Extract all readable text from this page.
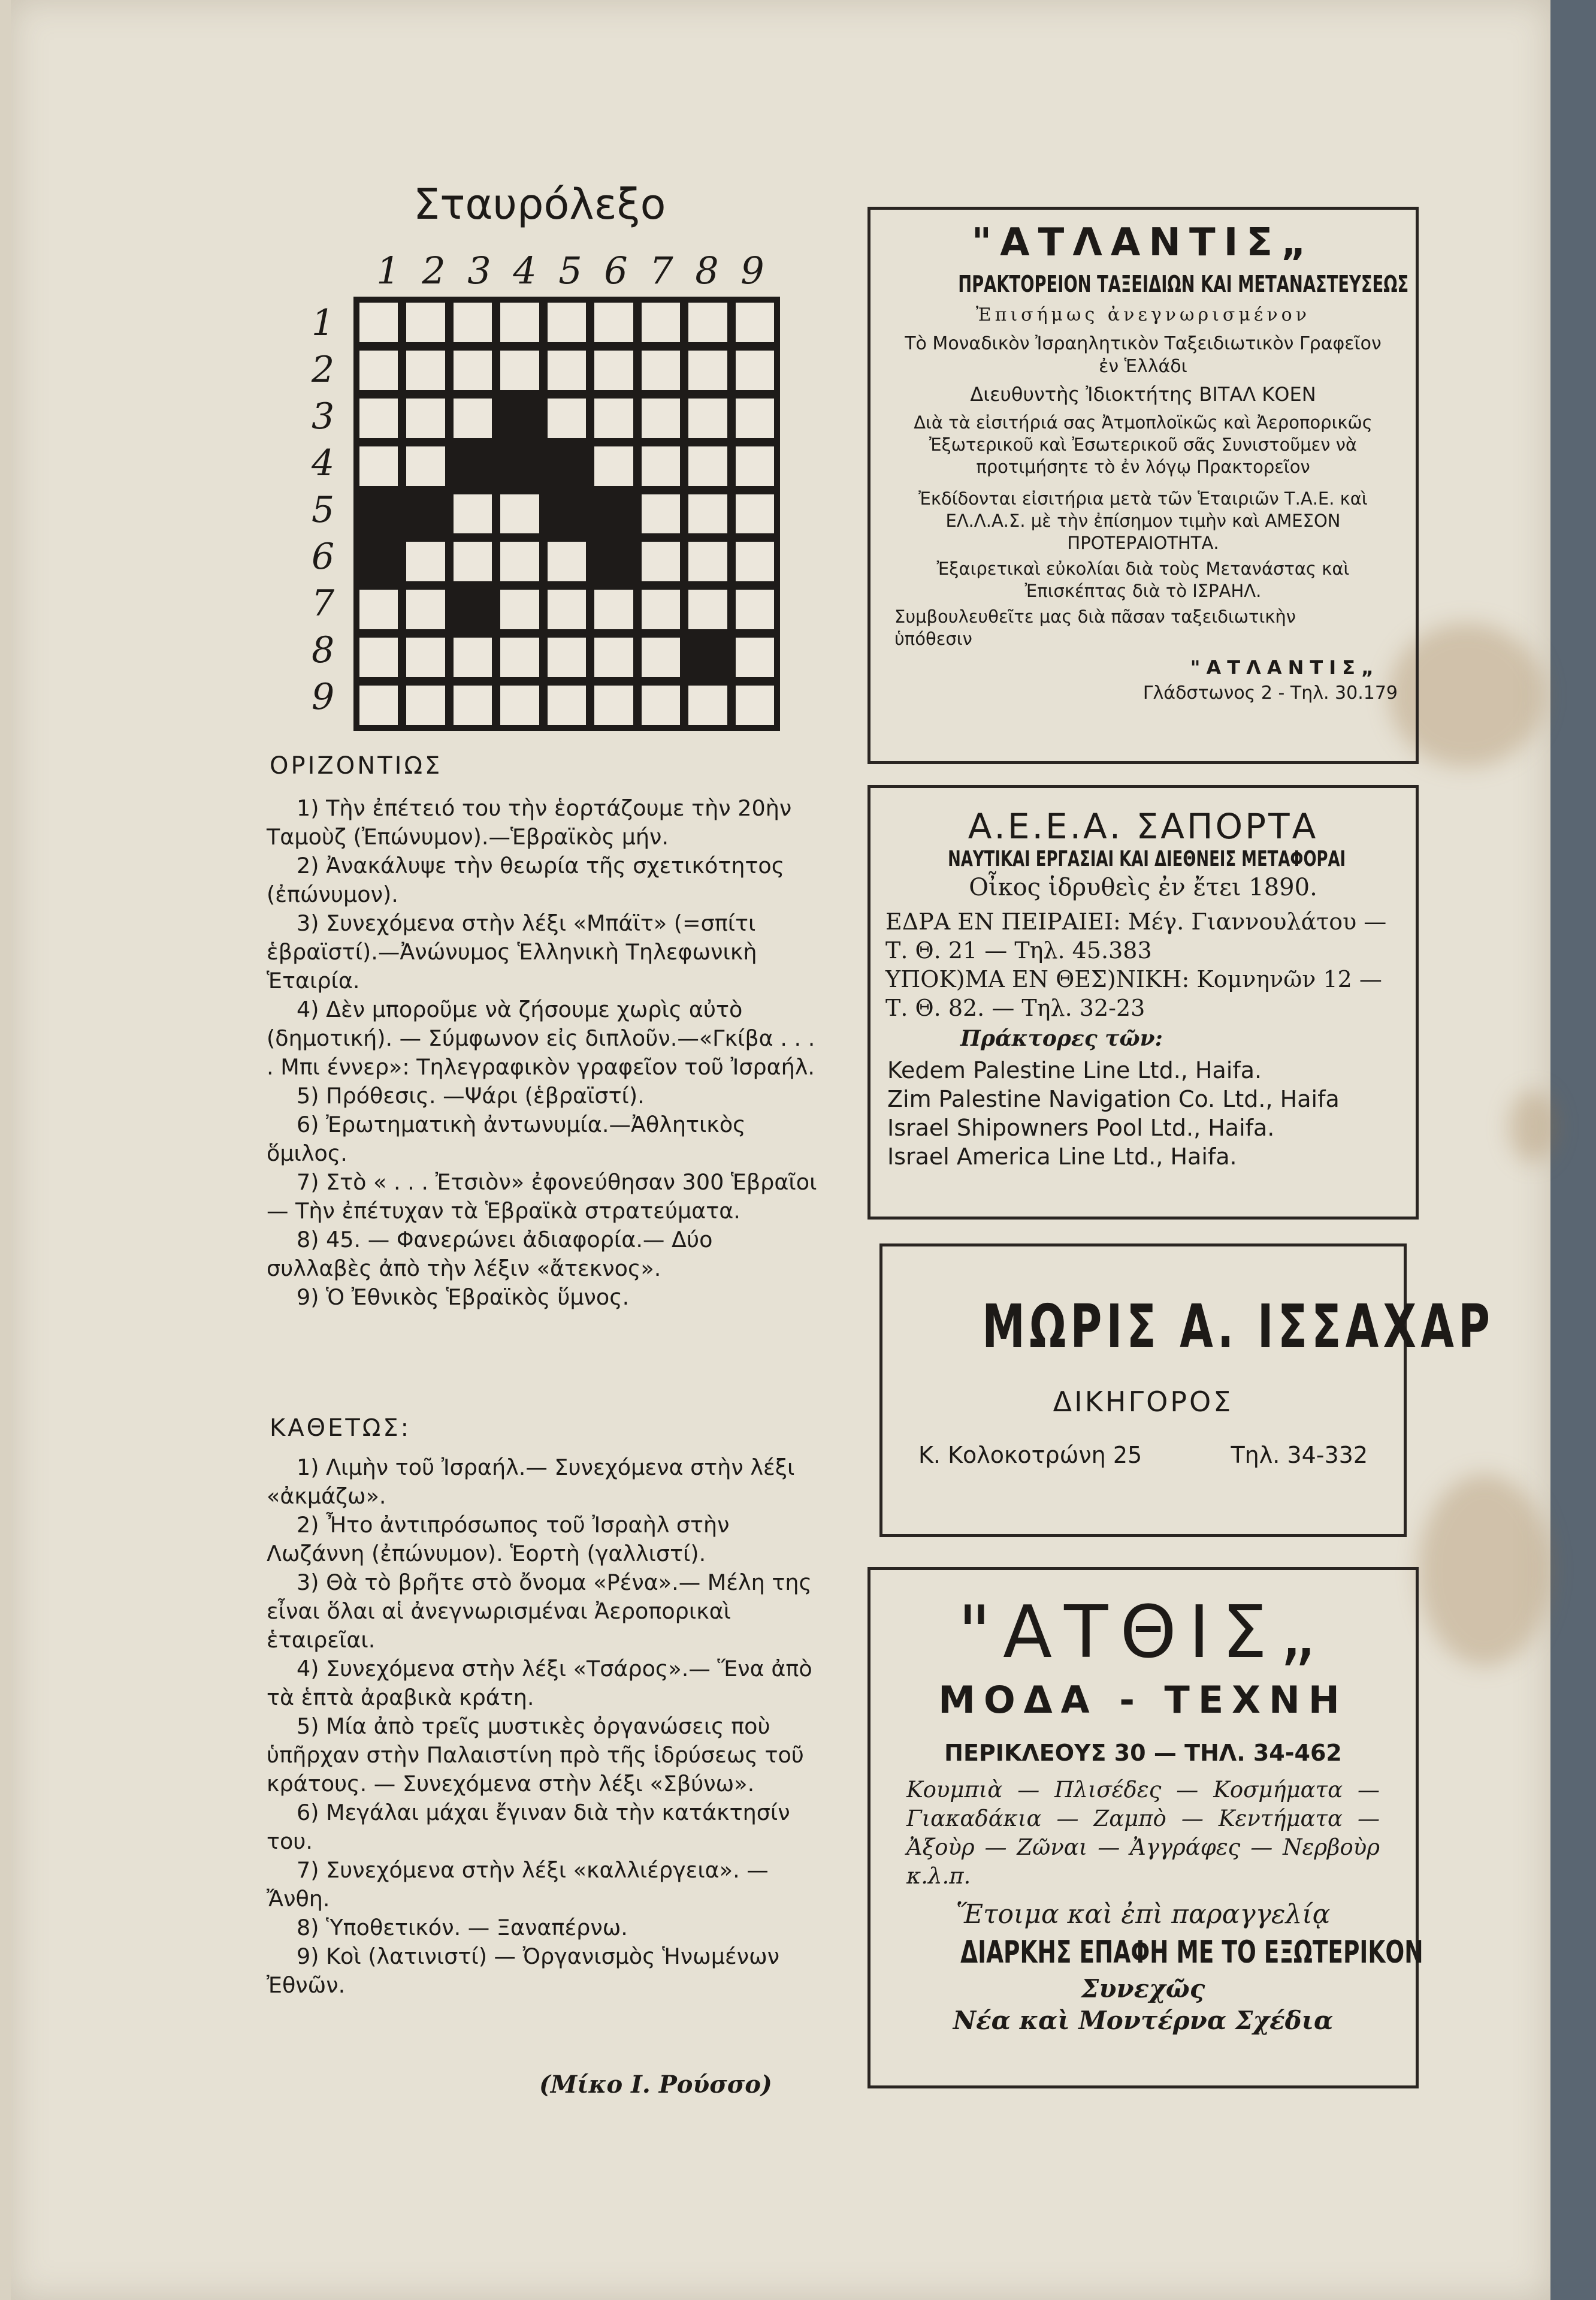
Σταυρόλεξο
1 2 3 4 5 6 7 8 9
1
2
3
4
5
6
7
8
9
ΟΡΙΖΟΝΤΙΩΣ

1) Τὴν ἐπέτειό του τὴν ἑορτάζουμε τὴν 20ὴν Ταμοὺζ (Ἐπώνυμον).—Ἑβραϊκὸς μήν.

2) Ἀνακάλυψε τὴν θεωρία τῆς σχετικότητος (ἐπώνυμον).

3) Συνεχόμενα στὴν λέξι «Μπάϊτ» (=σπίτι ἑβραϊστί).—Ἀνώνυμος Ἑλληνικὴ Τηλεφωνικὴ Ἑταιρία.

4) Δὲν μποροῦμε νὰ ζήσουμε χωρὶς αὐτὸ (δημοτική). — Σύμφωνον εἰς διπλοῦν.—«Γκίβα . . . . Μπι έννερ»: Τηλεγραφικὸν γραφεῖον τοῦ Ἰσραήλ.

5) Πρόθεσις. —Ψάρι (ἑβραϊστί).

6) Ἐρωτηματικὴ ἀντωνυμία.—Ἀθλητικὸς ὅμιλος.

7) Στὸ « . . . Ἐτσιὸν» ἐφονεύθησαν 300 Ἑβραῖοι — Τὴν ἐπέτυχαν τὰ Ἑβραϊκὰ στρατεύματα.

8) 45. — Φανερώνει ἀδιαφορία.— Δύο συλλαβὲς ἀπὸ τὴν λέξιν «ἄτεκνος».

9) Ὁ Ἐθνικὸς Ἑβραϊκὸς ὕμνος.

ΚΑΘΕΤΩΣ:

1) Λιμὴν τοῦ Ἰσραήλ.— Συνεχόμενα στὴν λέξι «ἀκμάζω».

2) Ἦτο ἀντιπρόσωπος τοῦ Ἰσραὴλ στὴν Λωζάννη (ἐπώνυμον). Ἑορτὴ (γαλλιστί).

3) Θὰ τὸ βρῆτε στὸ ὄνομα «Ρένα».— Μέλη της εἶναι ὅλαι αἱ ἀνεγνωρισμέναι Ἀεροπορικαὶ ἑταιρεῖαι.

4) Συνεχόμενα στὴν λέξι «Τσάρος».— Ἕνα ἀπὸ τὰ ἑπτὰ ἀραβικὰ κράτη.

5) Μία ἀπὸ τρεῖς μυστικὲς ὀργανώσεις ποὺ ὑπῆρχαν στὴν Παλαιστίνη πρὸ τῆς ἱδρύσεως τοῦ κράτους. — Συνεχόμενα στὴν λέξι «Σβύνω».

6) Μεγάλαι μάχαι ἔγιναν διὰ τὴν κατάκτησίν του.

7) Συνεχόμενα στὴν λέξι «καλλιέργεια». — Ἄνθη.

8) Ὑποθετικόν. — Ξαναπέρνω.

9) Κοὶ (λατινιστί) — Ὀργανισμὸς Ἡνωμένων Ἐθνῶν.

(Μίκο Ι. Ρούσσο)

"ΑΤΛΑΝΤΙΣ„

ΠΡΑΚΤΟΡΕΙΟΝ ΤΑΞΕΙΔΙΩΝ ΚΑΙ ΜΕΤΑΝΑΣΤΕΥΣΕΩΣ

Ἐπισήμως ἀνεγνωρισμένον

Τὸ Μοναδικὸν Ἰσραηλητικὸν Ταξειδιωτικὸν Γραφεῖον ἐν Ἑλλάδι

Διευθυντὴς Ἰδιοκτήτης ΒΙΤΑΛ ΚΟΕΝ

Διὰ τὰ εἰσιτήριά σας Ἀτμοπλοϊκῶς καὶ Ἀεροπορικῶς Ἐξωτερικοῦ καὶ Ἐσωτερικοῦ σᾶς Συνιστοῦμεν νὰ προτιμήσητε τὸ ἐν λόγῳ Πρακτορεῖον

Ἐκδίδονται εἰσιτήρια μετὰ τῶν Ἑταιριῶν Τ.Α.Ε. καὶ ΕΛ.Λ.Α.Σ. μὲ τὴν ἐπίσημον τιμὴν καὶ ΑΜΕΣΟΝ ΠΡΟΤΕΡΑΙΟΤΗΤΑ.

Ἐξαιρετικαὶ εὐκολίαι διὰ τοὺς Μετανάστας καὶ Ἐπισκέπτας διὰ τὸ ΙΣΡΑΗΛ.

Συμβουλευθεῖτε μας διὰ πᾶσαν ταξειδιωτικὴν ὑπόθεσιν

"ΑΤΛΑΝΤΙΣ„

Γλάδστωνος 2 - Τηλ. 30.179

Α.Ε.Ε.Α. ΣΑΠΟΡΤΑ

ΝΑΥΤΙΚΑΙ ΕΡΓΑΣΙΑΙ ΚΑΙ ΔΙΕΘΝΕΙΣ ΜΕΤΑΦΟΡΑΙ

Οἶκος ἱδρυθεὶς ἐν ἔτει 1890.

ΕΔΡΑ ΕΝ ΠΕΙΡΑΙΕΙ: Μέγ. Γιαννουλάτου — Τ. Θ. 21 — Τηλ. 45.383

ΥΠΟΚ)ΜΑ ΕΝ ΘΕΣ)ΝΙΚΗ: Κομνηνῶν 12 — Τ. Θ. 82. — Τηλ. 32-23

Πράκτορες τῶν:

Kedem Palestine Line Ltd., Haifa.

Zim Palestine Navigation Co. Ltd., Haifa

Israel Shipowners Pool Ltd., Haifa.

Israel America Line Ltd., Haifa.

ΜΩΡΙΣ Α. ΙΣΣΑΧΑΡ

ΔΙΚΗΓΟΡΟΣ

Κ. Κολοκοτρώνη 25	Τηλ. 34-332

"ΑΤΘΙΣ„

ΜΟΔΑ - ΤΕΧΝΗ

ΠΕΡΙΚΛΕΟΥΣ 30 — ΤΗΛ. 34-462

Κουμπιὰ — Πλισέδες — Κοσμήματα — Γιακαδάκια — Ζαμπὸ — Κεντήματα — Ἀξοὺρ — Ζῶναι — Ἀγγράφες — Νερβοὺρ κ.λ.π.

Ἕτοιμα καὶ ἐπὶ παραγγελίᾳ

ΔΙΑΡΚΗΣ ΕΠΑΦΗ ΜΕ ΤΟ ΕΞΩΤΕΡΙΚΟΝ

Συνεχῶς

Νέα καὶ Μοντέρνα Σχέδια
